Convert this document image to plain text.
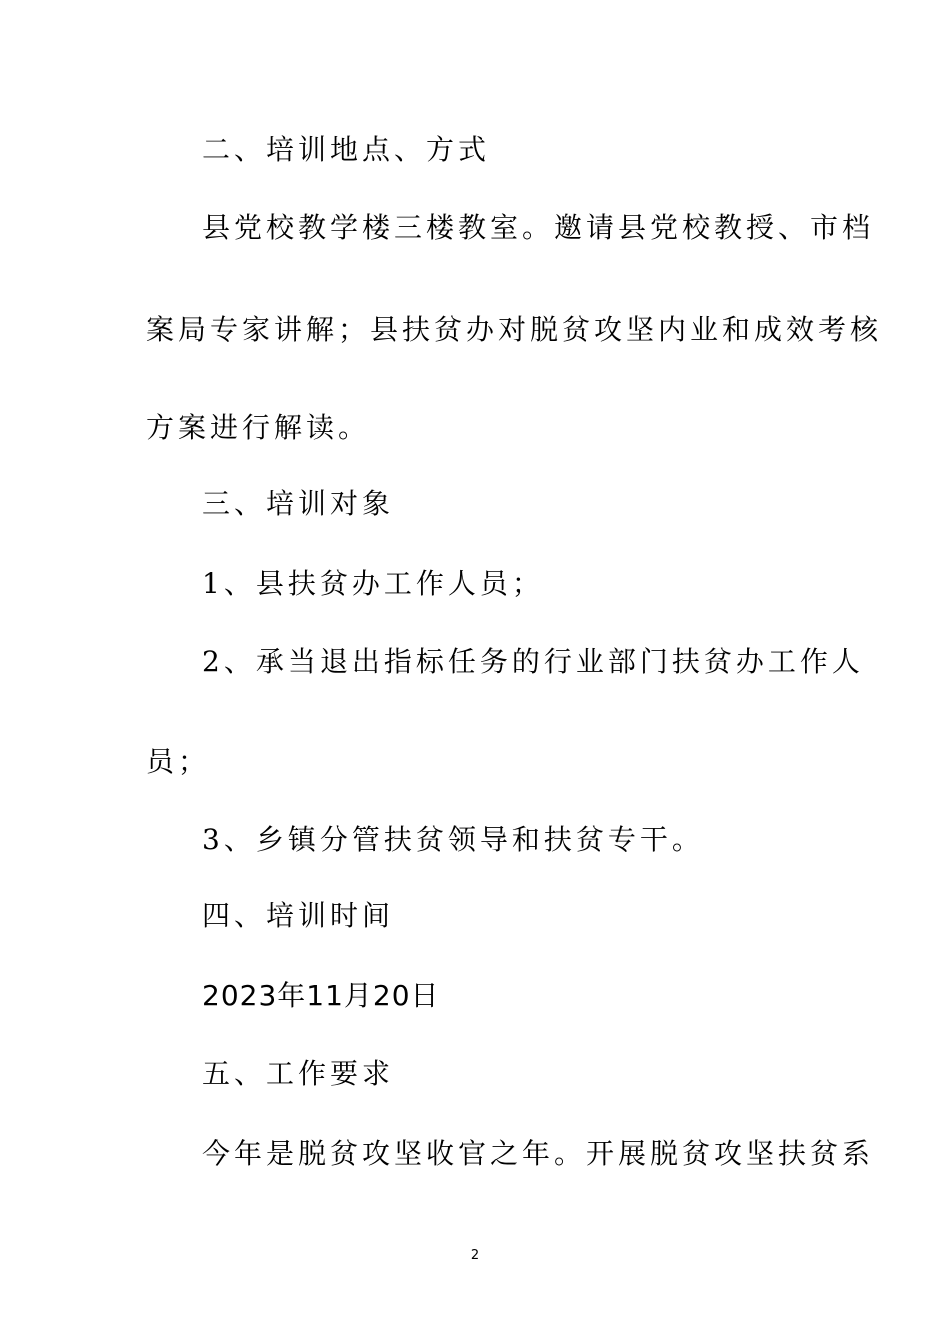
二、培训地点、方式
县党校教学楼三楼教室。邀请县党校教授、市档
案局专家讲解；县扶贫办对脱贫攻坚内业和成效考核
方案进行解读。
三、培训对象
1、县扶贫办工作人员；
2、承当退出指标任务的行业部门扶贫办工作人
员；
3、乡镇分管扶贫领导和扶贫专干。
四、培训时间
2023年11月20日
五、工作要求
今年是脱贫攻坚收官之年。开展脱贫攻坚扶贫系
2
